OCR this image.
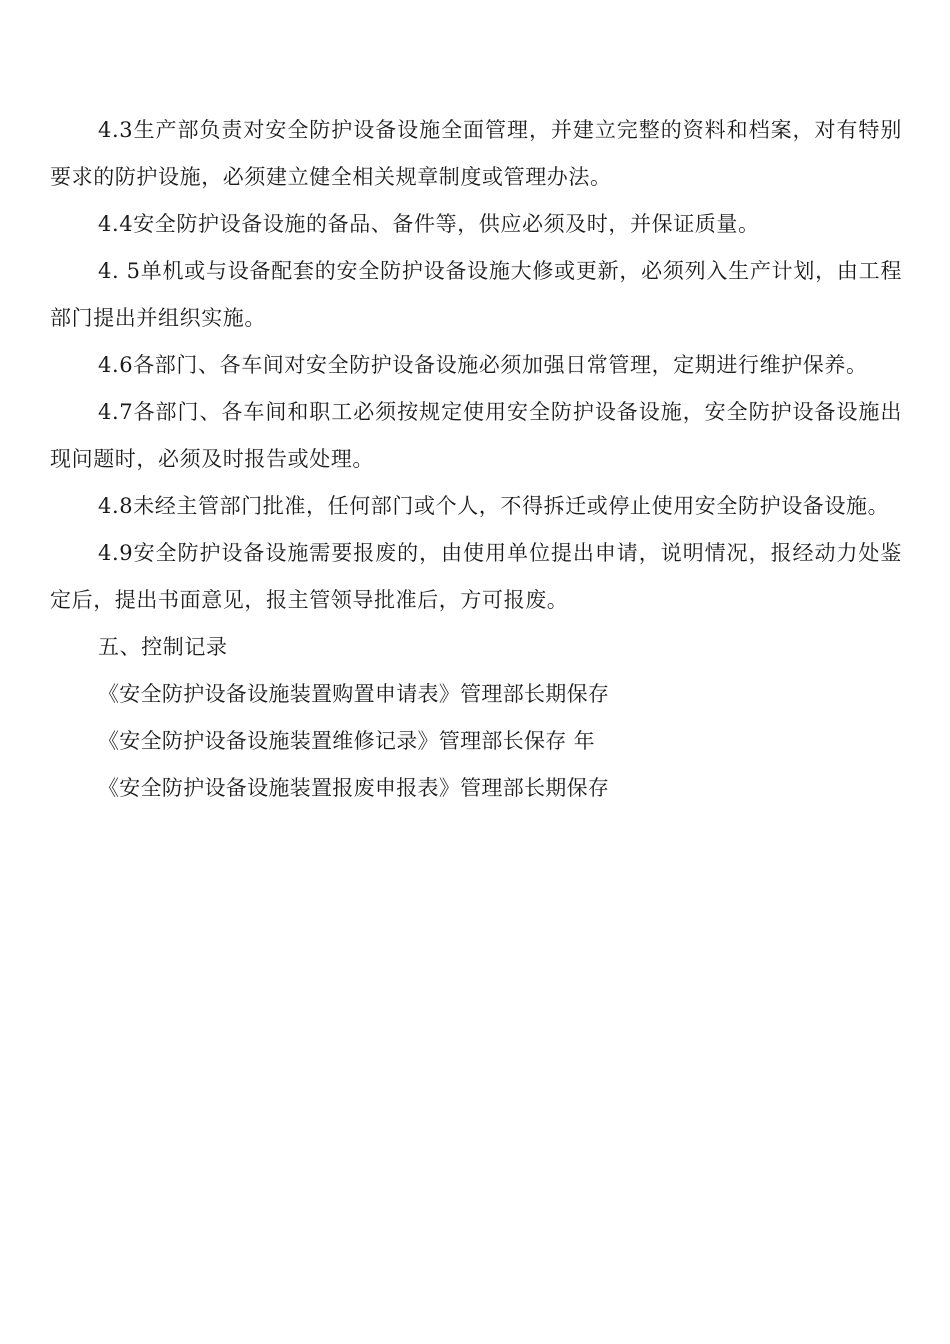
4.3生产部负责对安全防护设备设施全面管理，并建立完整的资料和档案，对有特别要求的防护设施，必须建立健全相关规章制度或管理办法。

4.4安全防护设备设施的备品、备件等，供应必须及时，并保证质量。

4. 5单机或与设备配套的安全防护设备设施大修或更新，必须列入生产计划，由工程部门提出并组织实施。

4.6各部门、各车间对安全防护设备设施必须加强日常管理，定期进行维护保养。

4.7各部门、各车间和职工必须按规定使用安全防护设备设施，安全防护设备设施出现问题时，必须及时报告或处理。

4.8未经主管部门批准，任何部门或个人，不得拆迁或停止使用安全防护设备设施。

4.9安全防护设备设施需要报废的，由使用单位提出申请，说明情况，报经动力处鉴定后，提出书面意见，报主管领导批准后，方可报废。

五、控制记录

《安全防护设备设施装置购置申请表》管理部长期保存
《安全防护设备设施装置维修记录》管理部长保存 年
《安全防护设备设施装置报废申报表》管理部长期保存
